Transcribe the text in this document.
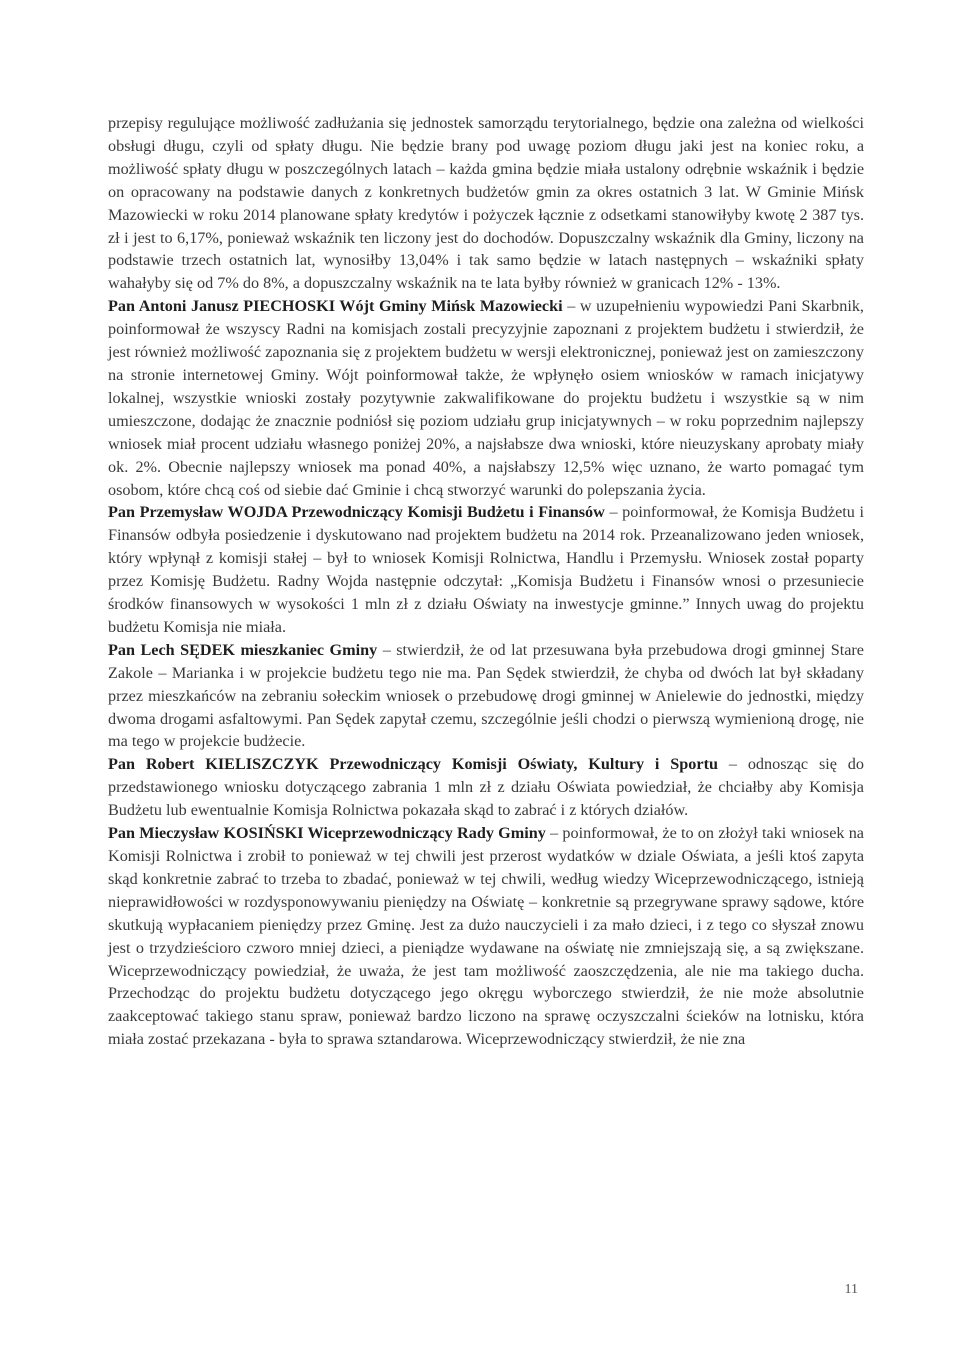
przepisy regulujące możliwość zadłużania się jednostek samorządu terytorialnego, będzie ona zależna od wielkości obsługi długu, czyli od spłaty długu. Nie będzie brany pod uwagę poziom długu jaki jest na koniec roku, a możliwość spłaty długu w poszczególnych latach – każda gmina będzie miała ustalony odrębnie wskaźnik i będzie on opracowany na podstawie danych z konkretnych budżetów gmin za okres ostatnich 3 lat. W Gminie Mińsk Mazowiecki w roku 2014 planowane spłaty kredytów i pożyczek łącznie z odsetkami stanowiłyby kwotę 2 387 tys. zł i jest to 6,17%, ponieważ wskaźnik ten liczony jest do dochodów. Dopuszczalny wskaźnik dla Gminy, liczony na podstawie trzech ostatnich lat, wynosiłby 13,04% i tak samo będzie w latach następnych – wskaźniki spłaty wahałyby się od 7% do 8%, a dopuszczalny wskaźnik na te lata byłby również w granicach 12% - 13%.

Pan Antoni Janusz PIECHOSKI Wójt Gminy Mińsk Mazowiecki – w uzupełnieniu wypowiedzi Pani Skarbnik, poinformował że wszyscy Radni na komisjach zostali precyzyjnie zapoznani z projektem budżetu i stwierdził, że jest również możliwość zapoznania się z projektem budżetu w wersji elektronicznej, ponieważ jest on zamieszczony na stronie internetowej Gminy. Wójt poinformował także, że wpłynęło osiem wniosków w ramach inicjatywy lokalnej, wszystkie wnioski zostały pozytywnie zakwalifikowane do projektu budżetu i wszystkie są w nim umieszczone, dodając że znacznie podniósł się poziom udziału grup inicjatywnych – w roku poprzednim najlepszy wniosek miał procent udziału własnego poniżej 20%, a najsłabsze dwa wnioski, które nieuzyskany aprobaty miały ok. 2%. Obecnie najlepszy wniosek ma ponad 40%, a najsłabszy 12,5% więc uznano, że warto pomagać tym osobom, które chcą coś od siebie dać Gminie i chcą stworzyć warunki do polepszania życia.

Pan Przemysław WOJDA Przewodniczący Komisji Budżetu i Finansów – poinformował, że Komisja Budżetu i Finansów odbyła posiedzenie i dyskutowano nad projektem budżetu na 2014 rok. Przeanalizowano jeden wniosek, który wpłynął z komisji stałej – był to wniosek Komisji Rolnictwa, Handlu i Przemysłu. Wniosek został poparty przez Komisję Budżetu. Radny Wojda następnie odczytał: „Komisja Budżetu i Finansów wnosi o przesuniecie środków finansowych w wysokości 1 mln zł z działu Oświaty na inwestycje gminne.” Innych uwag do projektu budżetu Komisja nie miała.

Pan Lech SĘDEK mieszkaniec Gminy – stwierdził, że od lat przesuwana była przebudowa drogi gminnej Stare Zakole – Marianka i w projekcie budżetu tego nie ma. Pan Sędek stwierdził, że chyba od dwóch lat był składany przez mieszkańców na zebraniu sołeckim wniosek o przebudowę drogi gminnej w Anielewie do jednostki, między dwoma drogami asfaltowymi. Pan Sędek zapytał czemu, szczególnie jeśli chodzi o pierwszą wymienioną drogę, nie ma tego w projekcie budżecie.

Pan Robert KIELISZCZYK Przewodniczący Komisji Oświaty, Kultury i Sportu – odnosząc się do przedstawionego wniosku dotyczącego zabrania 1 mln zł z działu Oświata powiedział, że chciałby aby Komisja Budżetu lub ewentualnie Komisja Rolnictwa pokazała skąd to zabrać i z których działów.

Pan Mieczysław KOSIŃSKI Wiceprzewodniczący Rady Gminy – poinformował, że to on złożył taki wniosek na Komisji Rolnictwa i zrobił to ponieważ w tej chwili jest przerost wydatków w dziale Oświata, a jeśli ktoś zapyta skąd konkretnie zabrać to trzeba to zbadać, ponieważ w tej chwili, według wiedzy Wiceprzewodniczącego, istnieją nieprawidłowości w rozdysponowywaniu pieniędzy na Oświatę – konkretnie są przegrywane sprawy sądowe, które skutkują wypłacaniem pieniędzy przez Gminę. Jest za dużo nauczycieli i za mało dzieci, i z tego co słyszał znowu jest o trzydzieścioro czworo mniej dzieci, a pieniądze wydawane na oświatę nie zmniejszają się, a są zwiększane. Wiceprzewodniczący powiedział, że uważa, że jest tam możliwość zaoszczędzenia, ale nie ma takiego ducha. Przechodząc do projektu budżetu dotyczącego jego okręgu wyborczego stwierdził, że nie może absolutnie zaakceptować takiego stanu spraw, ponieważ bardzo liczono na sprawę oczyszczalni ścieków na lotnisku, która miała zostać przekazana - była to sprawa sztandarowa. Wiceprzewodniczący stwierdził, że nie zna

11
